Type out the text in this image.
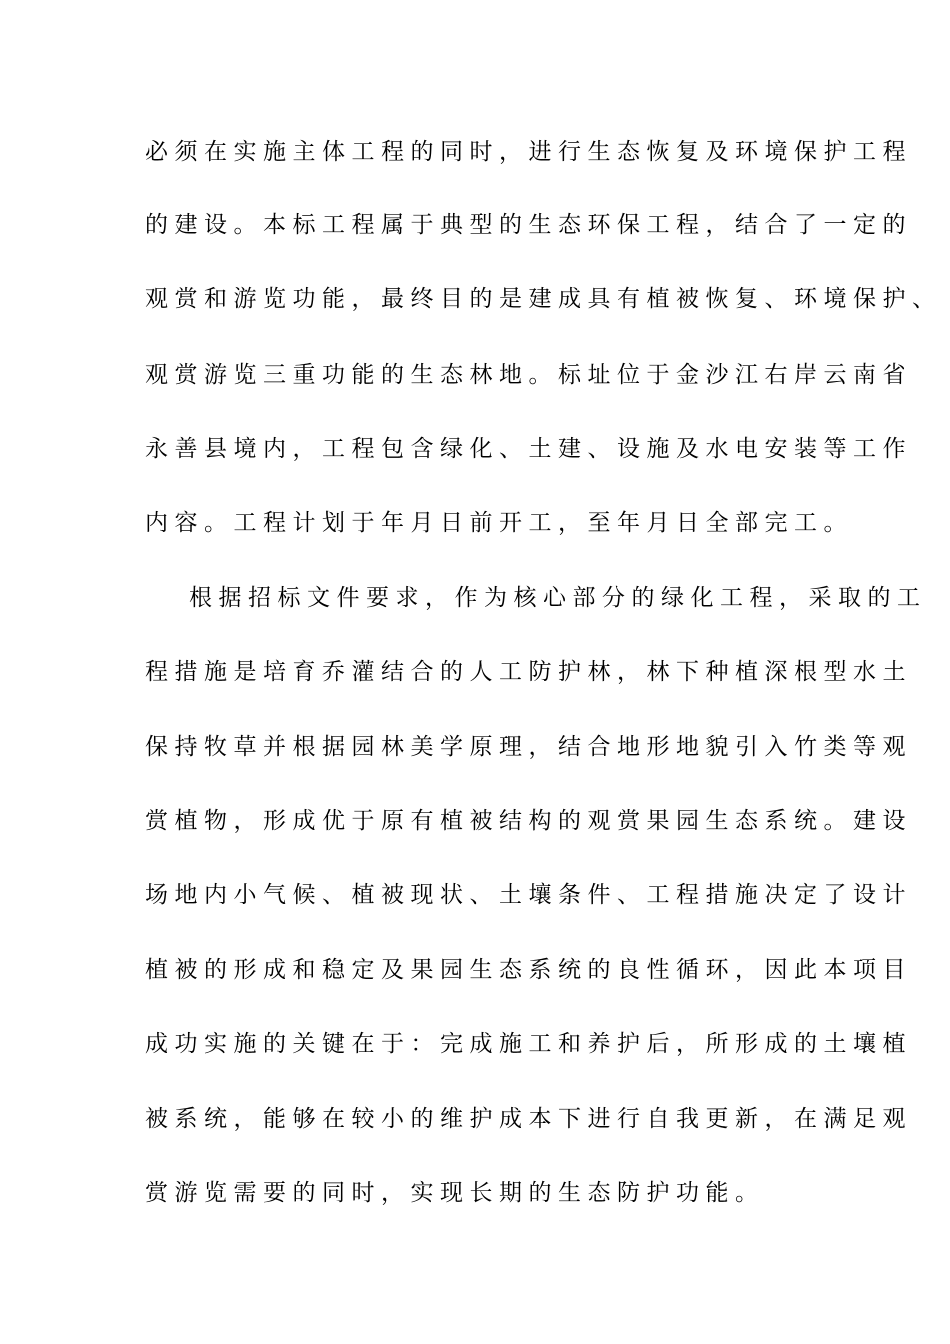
必须在实施主体工程的同时，进行生态恢复及环境保护工程
的建设。本标工程属于典型的生态环保工程，结合了一定的
观赏和游览功能，最终目的是建成具有植被恢复、环境保护、
观赏游览三重功能的生态林地。标址位于金沙江右岸云南省
永善县境内，工程包含绿化、土建、设施及水电安装等工作
内容。工程计划于年月日前开工，至年月日全部完工。
根据招标文件要求，作为核心部分的绿化工程，采取的工
程措施是培育乔灌结合的人工防护林，林下种植深根型水土
保持牧草并根据园林美学原理，结合地形地貌引入竹类等观
赏植物，形成优于原有植被结构的观赏果园生态系统。建设
场地内小气候、植被现状、土壤条件、工程措施决定了设计
植被的形成和稳定及果园生态系统的良性循环，因此本项目
成功实施的关键在于：完成施工和养护后，所形成的土壤植
被系统，能够在较小的维护成本下进行自我更新，在满足观
赏游览需要的同时，实现长期的生态防护功能。
